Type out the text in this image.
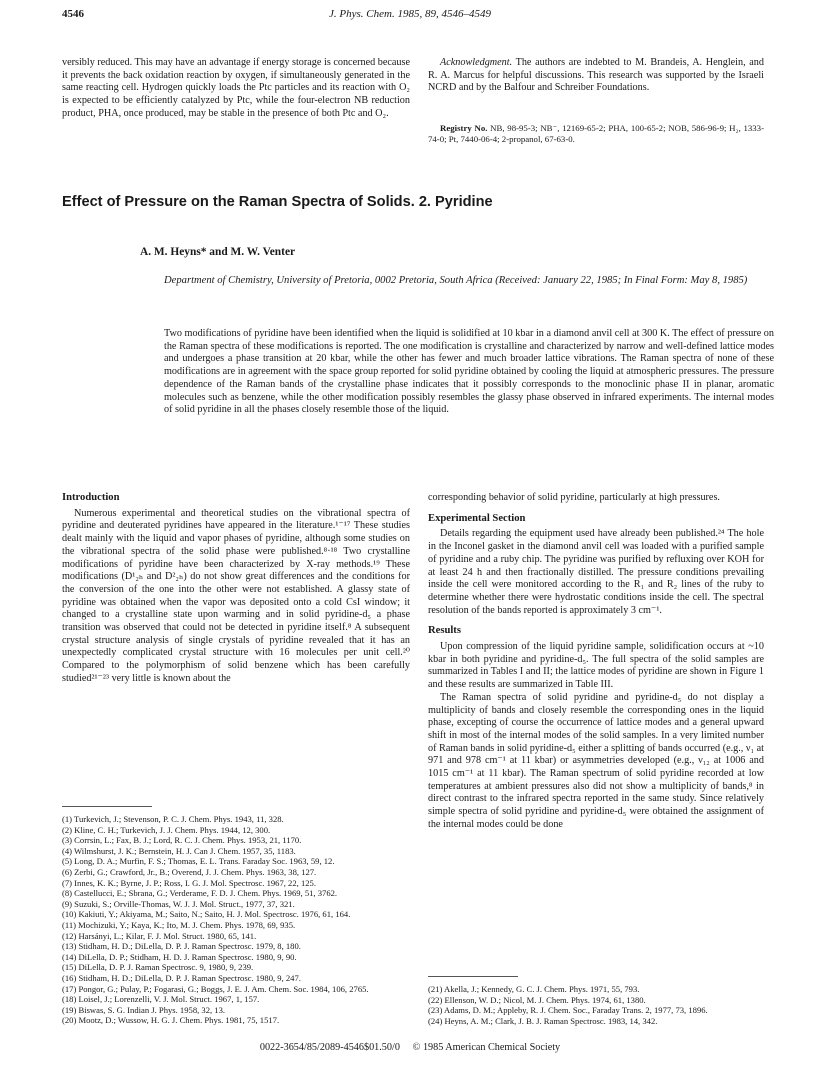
4546	J. Phys. Chem. 1985, 89, 4546–4549

versibly reduced. This may have an advantage if energy storage is concerned because it prevents the back oxidation reaction by oxygen, if simultaneously generated in the same reacting cell. Hydrogen quickly loads the Ptc particles and its reaction with O₂ is expected to be efficiently catalyzed by Ptc, while the four-electron NB reduction product, PHA, once produced, may be stable in the presence of both Ptc and O₂.

Acknowledgment. The authors are indebted to M. Brandeis, A. Henglein, and R. A. Marcus for helpful discussions. This research was supported by the Israeli NCRD and by the Balfour and Schreiber Foundations.

Registry No. NB, 98-95-3; NB⁻, 12169-65-2; PHA, 100-65-2; NOB, 586-96-9; H₂, 1333-74-0; Pt, 7440-06-4; 2-propanol, 67-63-0.
Effect of Pressure on the Raman Spectra of Solids. 2. Pyridine
A. M. Heyns* and M. W. Venter
Department of Chemistry, University of Pretoria, 0002 Pretoria, South Africa (Received: January 22, 1985; In Final Form: May 8, 1985)
Two modifications of pyridine have been identified when the liquid is solidified at 10 kbar in a diamond anvil cell at 300 K. The effect of pressure on the Raman spectra of these modifications is reported. The one modification is crystalline and characterized by narrow and well-defined lattice modes and undergoes a phase transition at 20 kbar, while the other has fewer and much broader lattice vibrations. The Raman spectra of none of these modifications are in agreement with the space group reported for solid pyridine obtained by cooling the liquid at atmospheric pressures. The pressure dependence of the Raman bands of the crystalline phase indicates that it possibly corresponds to the monoclinic phase II in planar, aromatic molecules such as benzene, while the other modification possibly resembles the glassy phase observed in infrared experiments. The internal modes of solid pyridine in all the phases closely resemble those of the liquid.
Introduction

Numerous experimental and theoretical studies on the vibrational spectra of pyridine and deuterated pyridines have appeared in the literature.¹⁻¹⁷ These studies dealt mainly with the liquid and vapor phases of pyridine, although some studies on the vibrational spectra of the solid phase were published.⁸·¹⁸ Two crystalline modifications of pyridine have been characterized by X-ray methods.¹⁹ These modifications (D¹₂ₕ and D²₂ₕ) do not show great differences and the conditions for the conversion of the one into the other were not established. A glassy state of pyridine was obtained when the vapor was deposited onto a cold CsI window; it changed to a crystalline state upon warming and in solid pyridine-d₅ a phase transition was observed that could not be detected in pyridine itself.⁸ A subsequent crystal structure analysis of single crystals of pyridine revealed that it has an unexpectedly complicated crystal structure with 16 molecules per unit cell.²⁰ Compared to the polymorphism of solid benzene which has been carefully studied²¹⁻²³ very little is known about the

(1) Turkevich, J.; Stevenson, P. C. J. Chem. Phys. 1943, 11, 328.
(2) Kline, C. H.; Turkevich, J. J. Chem. Phys. 1944, 12, 300.
(3) Corrsin, L.; Fax, B. J.; Lord, R. C. J. Chem. Phys. 1953, 21, 1170.
(4) Wilmshurst, J. K.; Bernstein, H. J. Can J. Chem. 1957, 35, 1183.
(5) Long, D. A.; Murfin, F. S.; Thomas, E. L. Trans. Faraday Soc. 1963, 59, 12.
(6) Zerbi, G.; Crawford, Jr., B.; Overend, J. J. Chem. Phys. 1963, 38, 127.
(7) Innes, K. K.; Byrne, J. P.; Ross, I. G. J. Mol. Spectrosc. 1967, 22, 125.
(8) Castellucci, E.; Sbrana, G.; Verderame, F. D. J. Chem. Phys. 1969, 51, 3762.
(9) Suzuki, S.; Orville-Thomas, W. J. J. Mol. Struct., 1977, 37, 321.
(10) Kakiuti, Y.; Akiyama, M.; Saito, N.; Saito, H. J. Mol. Spectrosc. 1976, 61, 164.
(11) Mochizuki, Y.; Kaya, K.; Ito, M. J. Chem. Phys. 1978, 69, 935.
(12) Harsányi, L.; Kilar, F. J. Mol. Struct. 1980, 65, 141.
(13) Stidham, H. D.; DiLella, D. P. J. Raman Spectrosc. 1979, 8, 180.
(14) DiLella, D. P.; Stidham, H. D. J. Raman Spectrosc. 1980, 9, 90.
(15) DiLella, D. P. J. Raman Spectrosc. 9, 1980, 9, 239.
(16) Stidham, H. D.; DiLella, D. P. J. Raman Spectrosc. 1980, 9, 247.
(17) Pongor, G.; Pulay, P.; Fogarasi, G.; Boggs, J. E. J. Am. Chem. Soc. 1984, 106, 2765.
(18) Loisel, J.; Lorenzelli, V. J. Mol. Struct. 1967, 1, 157.
(19) Biswas, S. G. Indian J. Phys. 1958, 32, 13.
(20) Mootz, D.; Wussow, H. G. J. Chem. Phys. 1981, 75, 1517.

corresponding behavior of solid pyridine, particularly at high pressures.

Experimental Section

Details regarding the equipment used have already been published.²⁴ The hole in the Inconel gasket in the diamond anvil cell was loaded with a purified sample of pyridine and a ruby chip. The pyridine was purified by refluxing over KOH for at least 24 h and then fractionally distilled. The pressure conditions prevailing inside the cell were monitored according to the R₁ and R₂ lines of the ruby to determine whether there were hydrostatic conditions inside the cell. The spectral resolution of the bands reported is approximately 3 cm⁻¹.

Results

Upon compression of the liquid pyridine sample, solidification occurs at ~10 kbar in both pyridine and pyridine-d₅. The full spectra of the solid samples are summarized in Tables I and II; the lattice modes of pyridine are shown in Figure 1 and these results are summarized in Table III.

The Raman spectra of solid pyridine and pyridine-d₅ do not display a multiplicity of bands and closely resemble the corresponding ones in the liquid phase, excepting of course the occurrence of lattice modes and a general upward shift in most of the internal modes of the solid samples. In a very limited number of Raman bands in solid pyridine-d₅ either a splitting of bands occurred (e.g., ν₁ at 971 and 978 cm⁻¹ at 11 kbar) or asymmetries developed (e.g., ν₁₂ at 1006 and 1015 cm⁻¹ at 11 kbar). The Raman spectrum of solid pyridine recorded at low temperatures at ambient pressures also did not show a multiplicity of bands,⁸ in direct contrast to the infrared spectra reported in the same study. Since relatively simple spectra of solid pyridine and pyridine-d₅ were obtained the assignment of the internal modes could be done

(21) Akella, J.; Kennedy, G. C. J. Chem. Phys. 1971, 55, 793.
(22) Ellenson, W. D.; Nicol, M. J. Chem. Phys. 1974, 61, 1380.
(23) Adams, D. M.; Appleby, R. J. Chem. Soc., Faraday Trans. 2, 1977, 73, 1896.
(24) Heyns, A. M.; Clark, J. B. J. Raman Spectrosc. 1983, 14, 342.
0022-3654/85/2089-4546$01.50/0 © 1985 American Chemical Society
